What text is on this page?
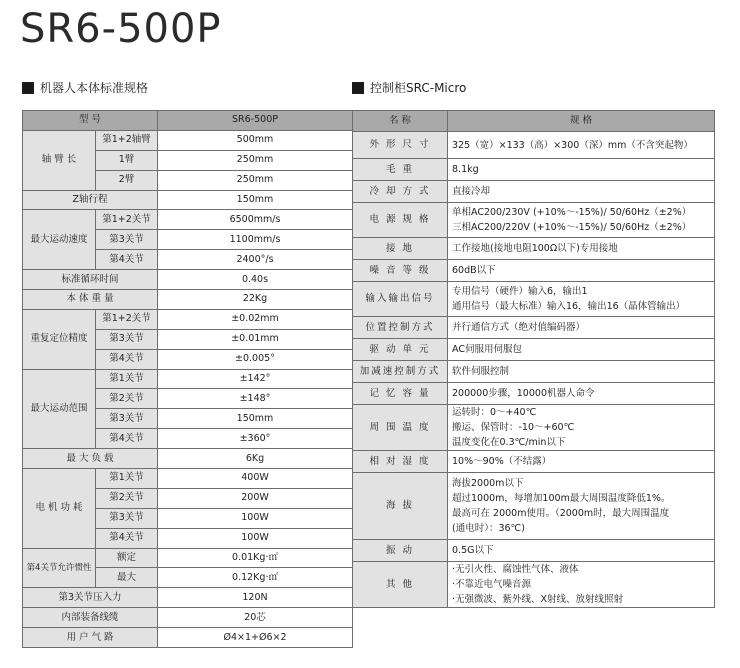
SR6-500P
机器人本体标准规格	控制柜SRC-Micro
型 号		SR6-500P
轴 臂 长	第1+2轴臂	500mm
	1臂	250mm
	2臂	250mm
Z轴行程		150mm
最大运动速度	第1+2关节	6500mm/s
	第3关节	1100mm/s
	第4关节	2400°/s
标准循环时间		0.40s
本 体 重 量		22Kg
重复定位精度	第1+2关节	±0.02mm
	第3关节	±0.01mm
	第4关节	±0.005°
最大运动范围	第1关节	±142°
	第2关节	±148°
	第3关节	150mm
	第4关节	±360°
最 大 负 载		6Kg
电 机 功 耗	第1关节	400W
	第2关节	200W
	第3关节	100W
	第4关节	100W
第4关节允许惯性	额定	0.01Kg·㎡
	最大	0.12Kg·㎡
第3关节压入力		120N
内部装备线缆		20芯
用 户 气 路		Ø4×1+Ø6×2
名 称	规 格
外 形 尺 寸	325（宽）×133（高）×300（深）mm（不含突起物）

毛 重	8.1kg

冷 却 方 式	直接冷却

电 源 规 格	单相AC200/230V (+10%～-15%)/ 50/60Hz（±2%）
三相AC200/220V (+10%～-15%)/ 50/60Hz（±2%）

接 地	工作接地(接地电阻100Ω以下)专用接地

噪 音 等 级	60dB以下

输入输出信号	专用信号（硬件）输入6，输出1
通用信号（最大标准）输入16，输出16（晶体管输出）

位置控制方式	并行通信方式（绝对值编码器）

驱 动 单 元	AC伺服用伺服包

加减速控制方式	软件伺服控制

记 忆 容 量	200000步骤，10000机器人命令

周 围 温 度	运转时：0～+40℃
搬运、保管时：-10～+60℃
温度变化在0.3℃/min以下

相 对 湿 度	10%～90%（不结露）

海 拔	海拔2000m以下
超过1000m，每增加100m最大周围温度降低1%。
最高可在 2000m使用。（2000m时，最大周围温度
(通电时）：36℃)

振 动	0.5G以下

其 他	·无引火性、腐蚀性气体、液体
·不靠近电气噪音源
·无强微波、紫外线、X射线、放射线照射
